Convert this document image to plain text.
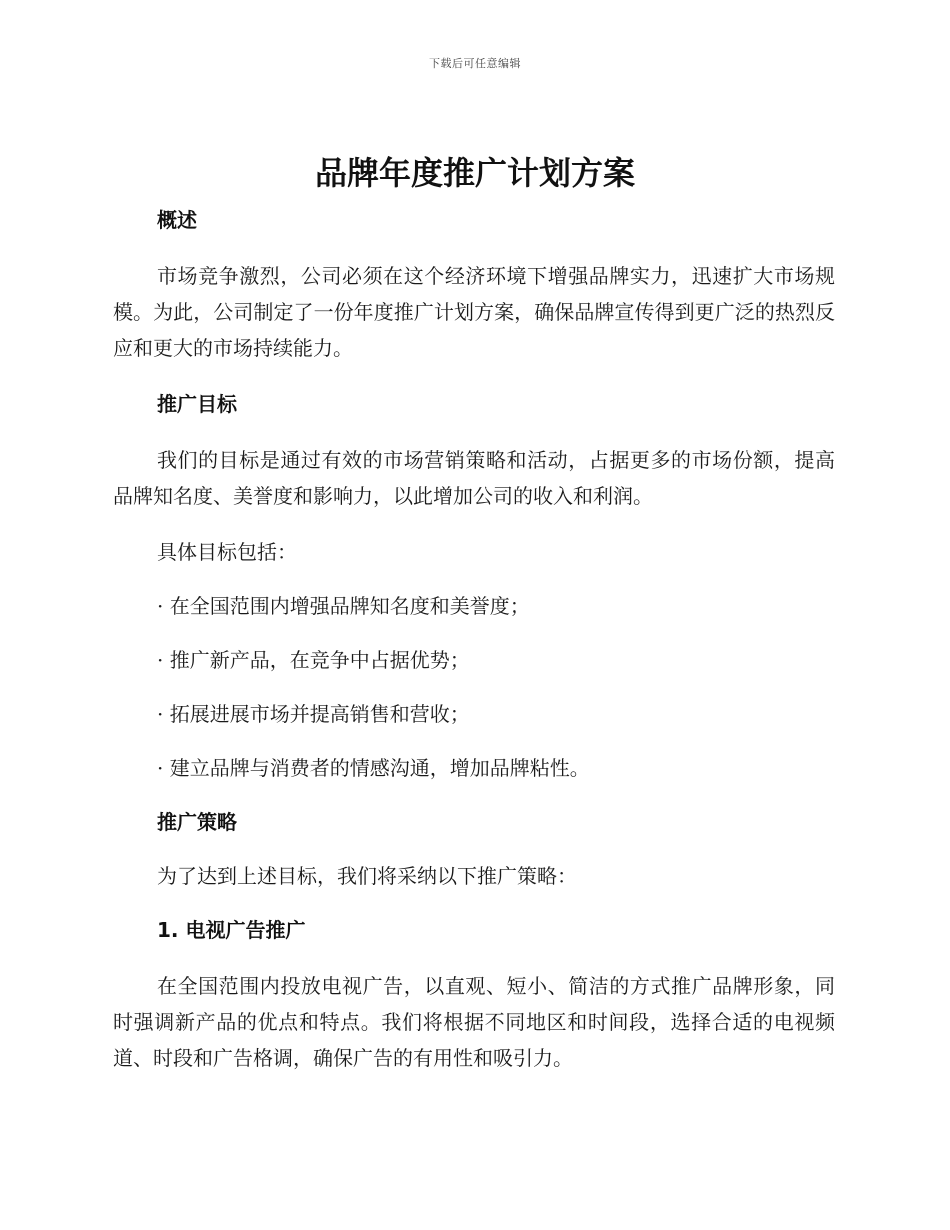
下载后可任意编辑
品牌年度推广计划方案

概述

市场竞争激烈，公司必须在这个经济环境下增强品牌实力，迅速扩大市场规模。为此，公司制定了一份年度推广计划方案，确保品牌宣传得到更广泛的热烈反应和更大的市场持续能力。

推广目标

我们的目标是通过有效的市场营销策略和活动，占据更多的市场份额，提高品牌知名度、美誉度和影响力，以此增加公司的收入和利润。

具体目标包括：

· 在全国范围内增强品牌知名度和美誉度；

· 推广新产品，在竞争中占据优势；

· 拓展进展市场并提高销售和营收；

· 建立品牌与消费者的情感沟通，增加品牌粘性。

推广策略

为了达到上述目标，我们将采纳以下推广策略：

1. 电视广告推广

在全国范围内投放电视广告，以直观、短小、简洁的方式推广品牌形象，同时强调新产品的优点和特点。我们将根据不同地区和时间段，选择合适的电视频道、时段和广告格调，确保广告的有用性和吸引力。
